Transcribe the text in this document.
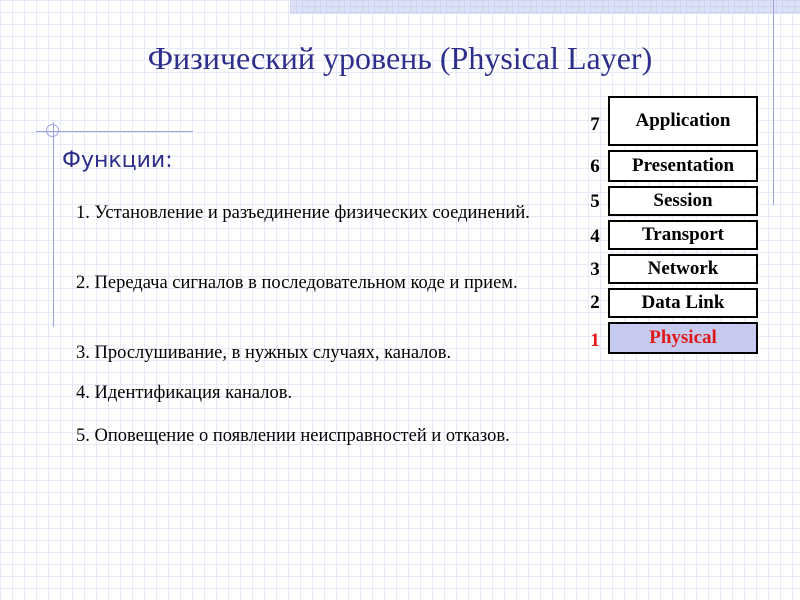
Физический уровень (Physical Layer)
Функции:
1. Установление и разъединение физических соединений.
2. Передача сигналов в последовательном коде и прием.
3. Прослушивание, в нужных случаях, каналов.
4. Идентификация каналов.
5. Оповещение о появлении неисправностей и отказов.
7 Application
6 Presentation
5	Session
4 Transport
3	Network
2 Data Link
1	Physical
